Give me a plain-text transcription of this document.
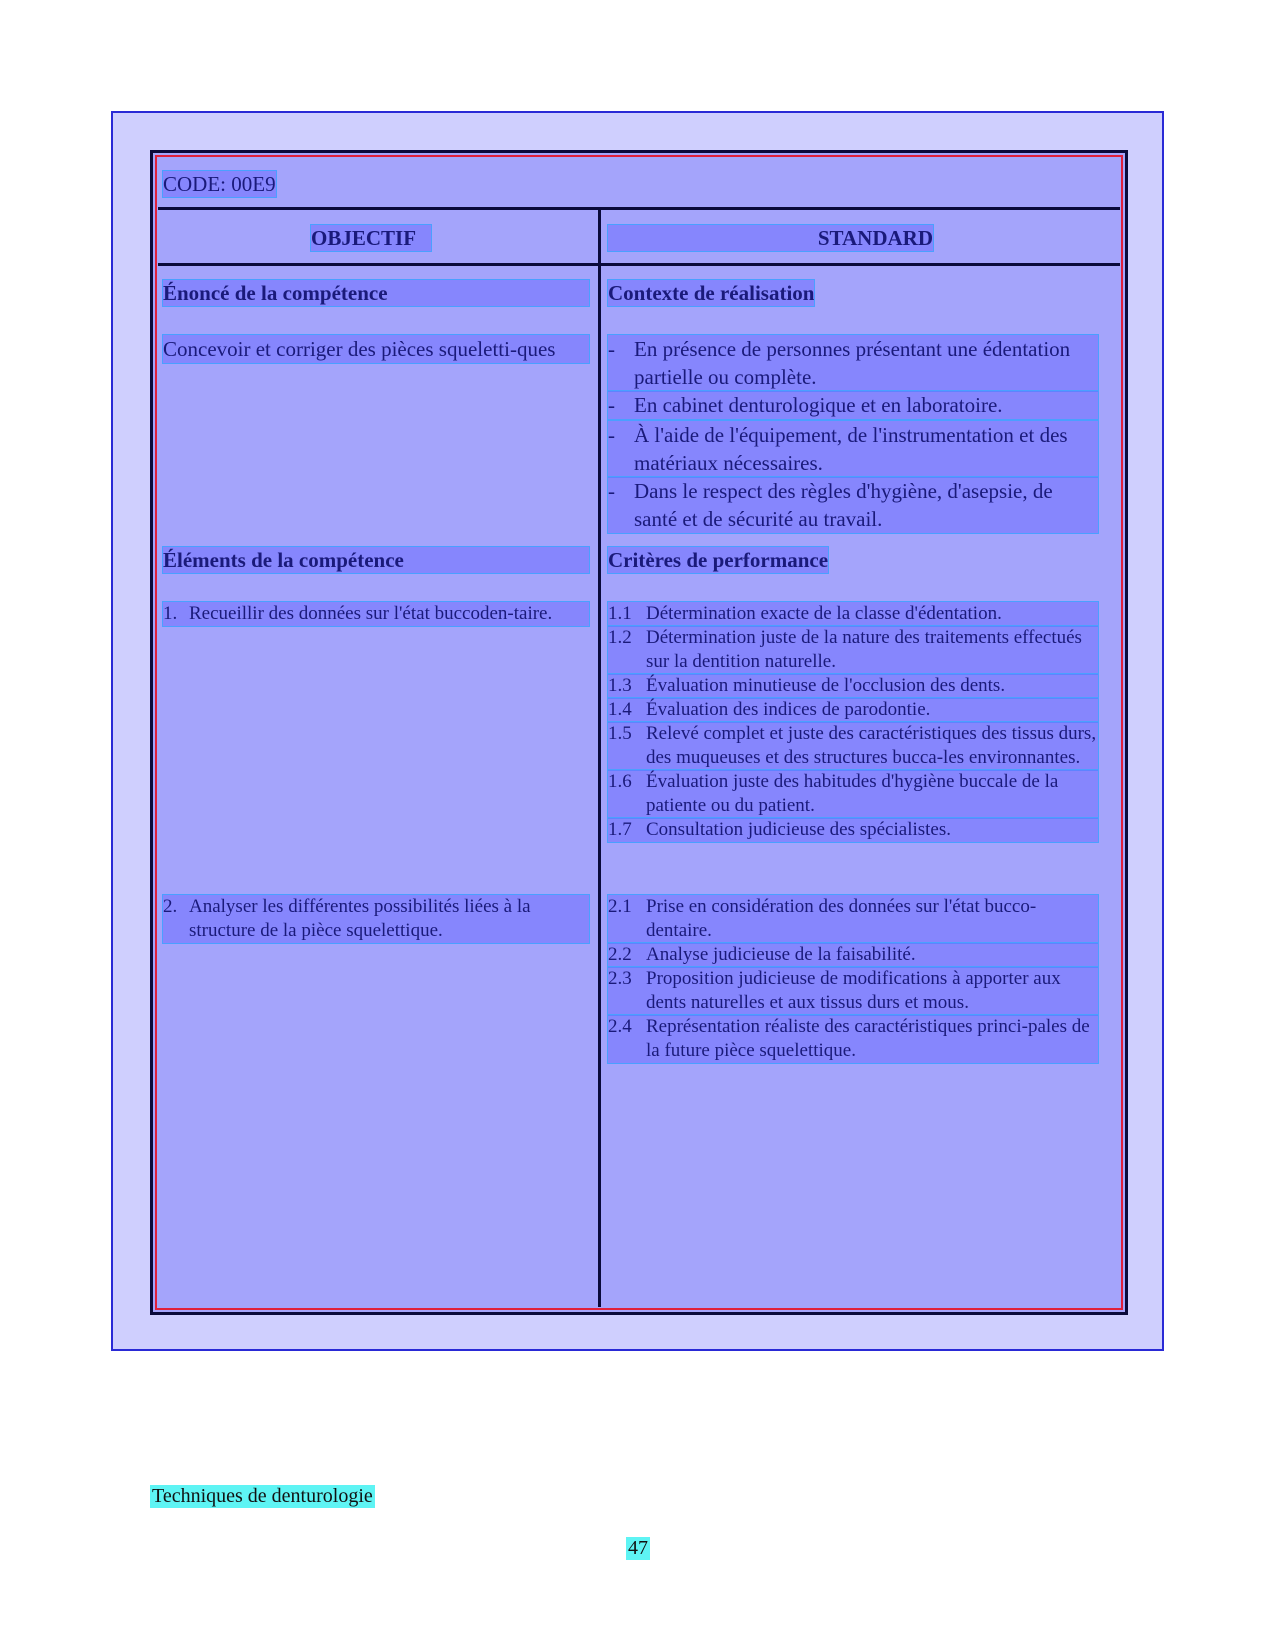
CODE: 00E9
OBJECTIF	STANDARD
Énoncé de la compétence
Concevoir et corriger des pièces squeletti-ques
Éléments de la compétence
1. Recueillir des données sur l'état buccoden-taire.
2. Analyser les différentes possibilités liées à la structure de la pièce squelettique.
Contexte de réalisation
- En présence de personnes présentant une édentation partielle ou complète.
- En cabinet denturologique et en laboratoire.
- À l'aide de l'équipement, de l'instrumentation et des matériaux nécessaires.
- Dans le respect des règles d'hygiène, d'asepsie, de santé et de sécurité au travail.
Critères de performance
1.1 Détermination exacte de la classe d'édentation.
1.2 Détermination juste de la nature des traitements effectués sur la dentition naturelle.
1.3 Évaluation minutieuse de l'occlusion des dents.
1.4 Évaluation des indices de parodontie.
1.5 Relevé complet et juste des caractéristiques des tissus durs, des muqueuses et des structures bucca-les environnantes.
1.6 Évaluation juste des habitudes d'hygiène buccale de la patiente ou du patient.
1.7 Consultation judicieuse des spécialistes.
2.1 Prise en considération des données sur l'état bucco-dentaire.
2.2 Analyse judicieuse de la faisabilité.
2.3 Proposition judicieuse de modifications à apporter aux dents naturelles et aux tissus durs et mous.
2.4 Représentation réaliste des caractéristiques princi-pales de la future pièce squelettique.
Techniques de denturologie
47
